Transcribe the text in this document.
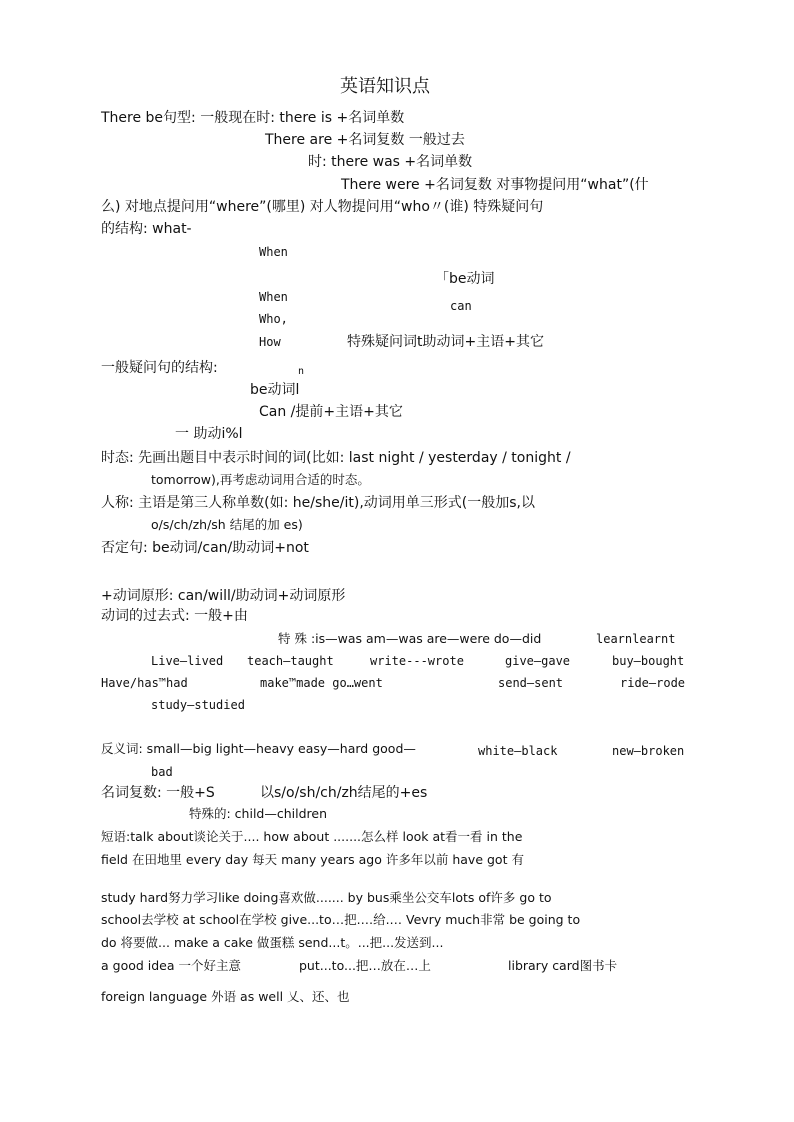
英语知识点
There be句型: 一般现在时: there is +名词单数
There are +名词复数 一般过去
时: there was +名词单数
There were +名词复数 对事物提问用“what”(什
么) 对地点提问用“where”(哪里) 对人物提问用“who〃(谁) 特殊疑问句
的结构: what-
When
「be动词
When
can
Who,
How	特殊疑问词t助动词+主语+其它
一般疑问句的结构:	n
be动词l
Can /提前+主语+其它
一 助动i%l
时态: 先画出题目中表示时间的词(比如: last night / yesterday / tonight /
tomorrow),再考虑动词用合适的时态。
人称: 主语是第三人称单数(如: he/she/it),动词用单三形式(一般加s,以
o/s/ch/zh/sh 结尾的加 es)
否定句: be动词/can/助动词+not
+动词原形: can/will/助动词+动词原形
动词的过去式: 一般+由
特 殊 :is—was am—was are—were do—did	learnlearnt
Live—lived teach—taught	write---wrote	give—gave	buy—bought
Have/has™had	make™made go…went	send—sent	ride—rode
study—studied
反义词: small—big light—heavy easy—hard good—	white—black	new—broken
bad
名词复数: 一般+S	以s/o/sh/ch/zh结尾的+es
特殊的: child—children
短语:talk about谈论关于.... how about .......怎么样 look at看一看 in the
field 在田地里 every day 每天 many years ago 许多年以前 have got 有
study hard努力学习like doing喜欢做....... by bus乘坐公交车lots of许多 go to
school去学校 at school在学校 give...to…把.…给.… Vevry much非常 be going to
do 将要做... make a cake 做蛋糕 send...t。...把...发送到...
a good idea 一个好主意	put...to...把…放在…上	library card图书卡
foreign language 外语 as well 乂、还、也
